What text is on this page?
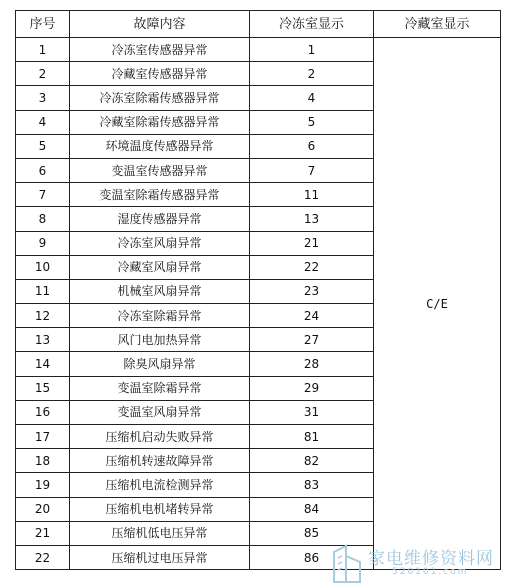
序号	故障内容	冷冻室显示	冷藏室显示
1	冷冻室传感器异常	1	C/E
2	冷藏室传感器异常	2	
3	冷冻室除霜传感器异常	4	
4	冷藏室除霜传感器异常	5	
5	环境温度传感器异常	6	
6	变温室传感器异常	7	
7	变温室除霜传感器异常	11	
8	湿度传感器异常	13	
9	冷冻室风扇异常	21	
10	冷藏室风扇异常	22	
11	机械室风扇异常	23	
12	冷冻室除霜异常	24	
13	风门电加热异常	27	
14	除臭风扇异常	28	
15	变温室除霜异常	29	
16	变温室风扇异常	31	
17	压缩机启动失败异常	81	
18	压缩机转速故障异常	82	
19	压缩机电流检测异常	83	
20	压缩机电机堵转异常	84	
21	压缩机低电压异常	85	
22	压缩机过电压异常	86		家电维修资料网
520101.com
